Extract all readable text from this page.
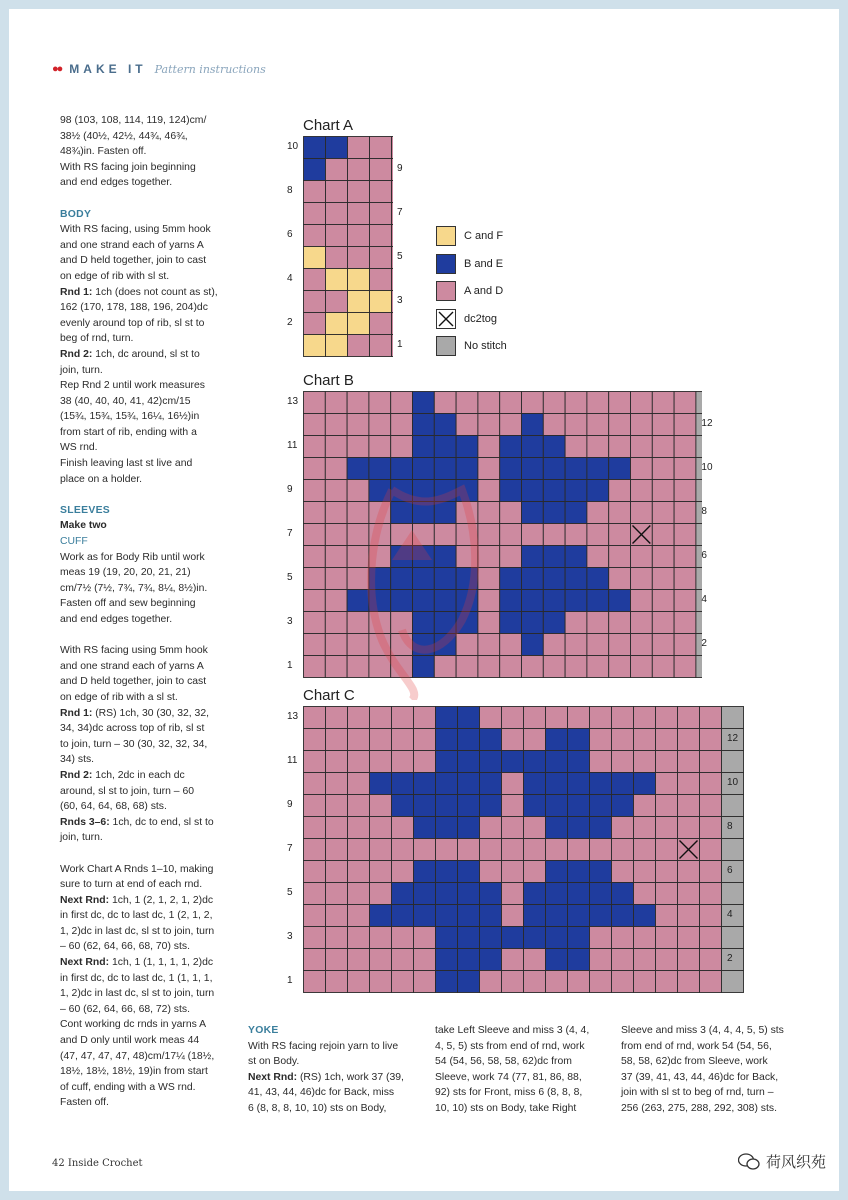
●● MAKE IT Pattern instructions

98 (103, 108, 114, 119, 124)cm/

38½ (40½, 42½, 44¾, 46¾,

48¾)in. Fasten off.

With RS facing join beginning

and end edges together.

BODY

With RS facing, using 5mm hook

and one strand each of yarns A

and D held together, join to cast

on edge of rib with sl st.

Rnd 1: 1ch (does not count as st),

162 (170, 178, 188, 196, 204)dc

evenly around top of rib, sl st to

beg of rnd, turn.

Rnd 2: 1ch, dc around, sl st to

join, turn.

Rep Rnd 2 until work measures

38 (40, 40, 40, 41, 42)cm/15

(15¾, 15¾, 15¾, 16¼, 16½)in

from start of rib, ending with a

WS rnd.

Finish leaving last st live and

place on a holder.

SLEEVES

Make two

CUFF

Work as for Body Rib until work

meas 19 (19, 20, 20, 21, 21)

cm/7½ (7½, 7¾, 7¾, 8¼, 8½)in.

Fasten off and sew beginning

and end edges together.

With RS facing using 5mm hook

and one strand each of yarns A

and D held together, join to cast

on edge of rib with a sl st.

Rnd 1: (RS) 1ch, 30 (30, 32, 32,

34, 34)dc across top of rib, sl st

to join, turn – 30 (30, 32, 32, 34,

34) sts.

Rnd 2: 1ch, 2dc in each dc

around, sl st to join, turn – 60

(60, 64, 64, 68, 68) sts.

Rnds 3–6: 1ch, dc to end, sl st to

join, turn.

Work Chart A Rnds 1–10, making

sure to turn at end of each rnd.

Next Rnd: 1ch, 1 (2, 1, 2, 1, 2)dc

in first dc, dc to last dc, 1 (2, 1, 2,

1, 2)dc in last dc, sl st to join, turn

– 60 (62, 64, 66, 68, 70) sts.

Next Rnd: 1ch, 1 (1, 1, 1, 1, 2)dc

in first dc, dc to last dc, 1 (1, 1, 1,

1, 2)dc in last dc, sl st to join, turn

– 60 (62, 64, 66, 68, 72) sts.

Cont working dc rnds in yarns A

and D only until work meas 44

(47, 47, 47, 47, 48)cm/17¼ (18½,

18½, 18½, 18½, 19)in from start

of cuff, ending with a WS rnd.

Fasten off.

YOKE

With RS facing rejoin yarn to live

st on Body.

Next Rnd: (RS) 1ch, work 37 (39,

41, 43, 44, 46)dc for Back, miss

6 (8, 8, 8, 10, 10) sts on Body,

take Left Sleeve and miss 3 (4, 4,

4, 5, 5) sts from end of rnd, work

54 (54, 56, 58, 58, 62)dc from

Sleeve, work 74 (77, 81, 86, 88,

92) sts for Front, miss 6 (8, 8, 8,

10, 10) sts on Body, take Right

Sleeve and miss 3 (4, 4, 4, 5, 5) sts

from end of rnd, work 54 (54, 56,

58, 58, 62)dc from Sleeve, work

37 (39, 41, 43, 44, 46)dc for Back,

join with sl st to beg of rnd, turn –

256 (263, 275, 288, 292, 308) sts.

Chart A
10
8
6
4
2
9
7
5
3
1
C and F
B and E
A and D
dc2tog
No stitch
Chart B
13
11
9
7
5
3
1
12
10
8
6
4
2
Chart C
13
11
9
7
5
3
1
12
10
8
6
4
2
42 Inside Crochet	荷风织苑
